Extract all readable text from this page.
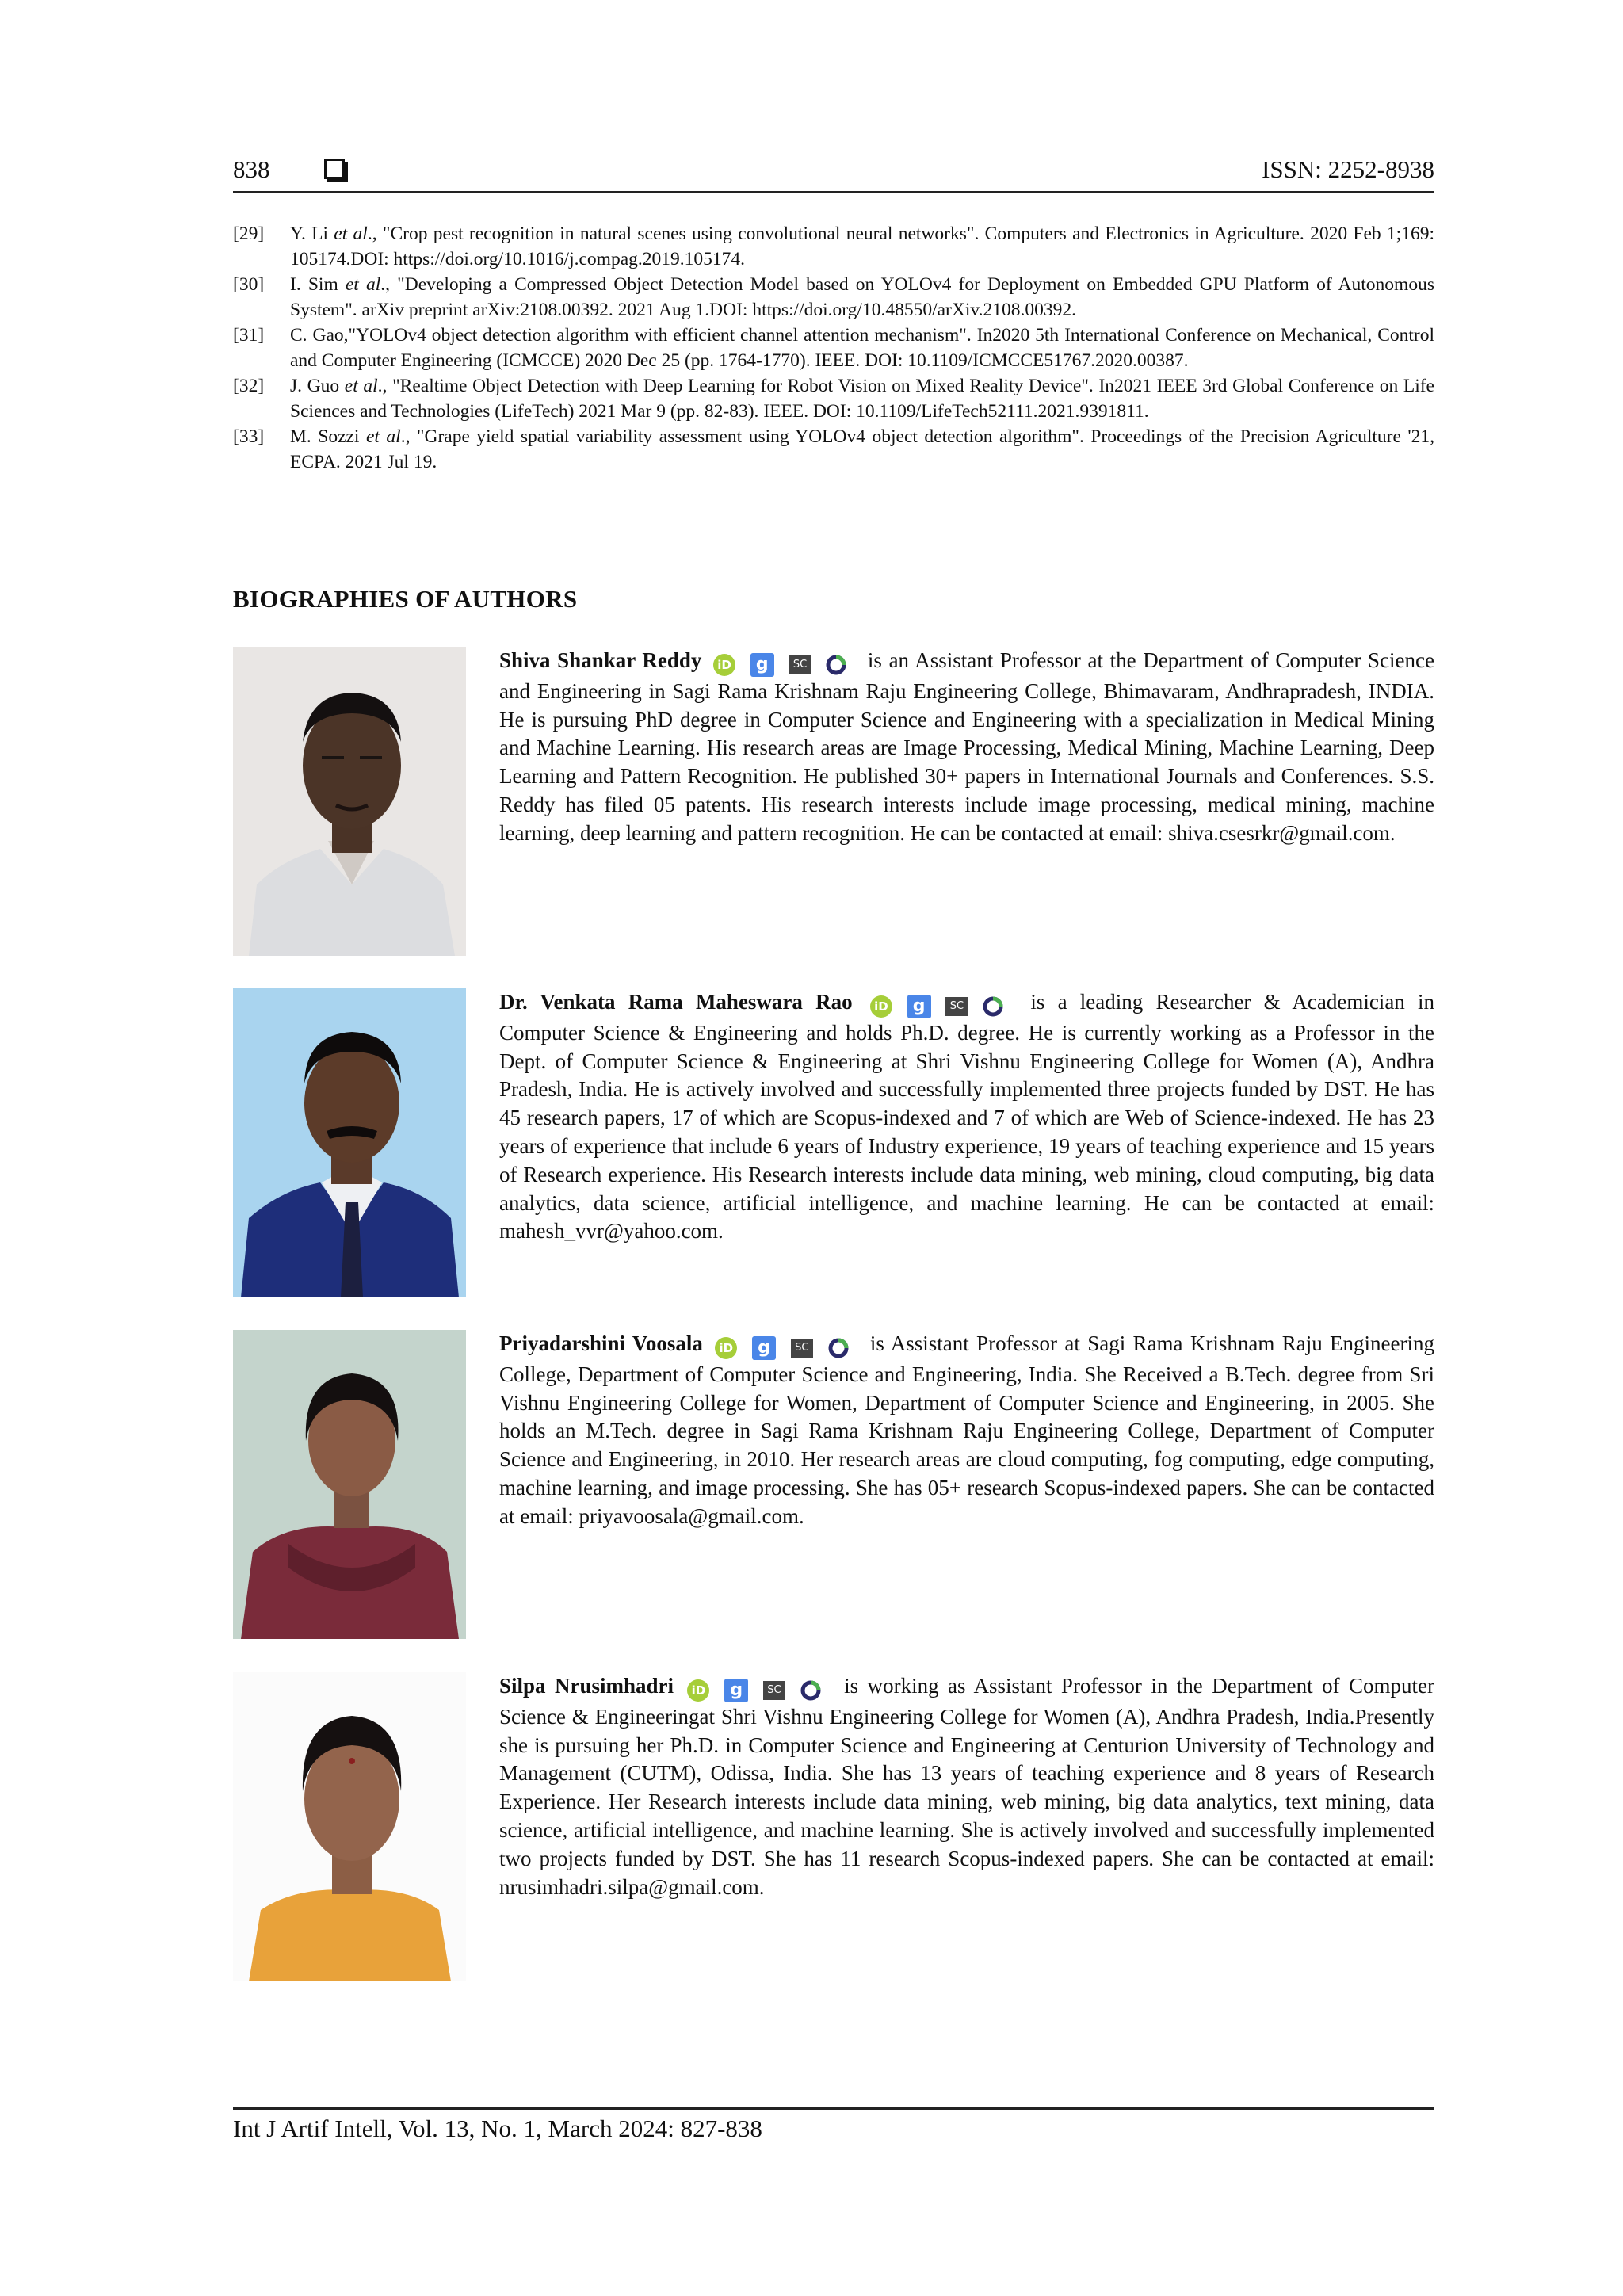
838	ISSN: 2252-8938
[29]	Y. Li et al., "Crop pest recognition in natural scenes using convolutional neural networks". Computers and Electronics in Agriculture. 2020 Feb 1;169: 105174.DOI: https://doi.org/10.1016/j.compag.2019.105174.
[30]	I. Sim et al., "Developing a Compressed Object Detection Model based on YOLOv4 for Deployment on Embedded GPU Platform of Autonomous System". arXiv preprint arXiv:2108.00392. 2021 Aug 1.DOI: https://doi.org/10.48550/arXiv.2108.00392.
[31]	C. Gao,"YOLOv4 object detection algorithm with efficient channel attention mechanism". In2020 5th International Conference on Mechanical, Control and Computer Engineering (ICMCCE) 2020 Dec 25 (pp. 1764-1770). IEEE. DOI: 10.1109/ICMCCE51767.2020.00387.
[32]	J. Guo et al., "Realtime Object Detection with Deep Learning for Robot Vision on Mixed Reality Device". In2021 IEEE 3rd Global Conference on Life Sciences and Technologies (LifeTech) 2021 Mar 9 (pp. 82-83). IEEE. DOI: 10.1109/LifeTech52111.2021.9391811.
[33]	M. Sozzi et al., "Grape yield spatial variability assessment using YOLOv4 object detection algorithm". Proceedings of the Precision Agriculture '21, ECPA. 2021 Jul 19.
BIOGRAPHIES OF AUTHORS
Shiva Shankar Reddy iD g SC	is an Assistant Professor at the Department of Computer Science and Engineering in Sagi Rama Krishnam Raju Engineering College, Bhimavaram, Andhrapradesh, INDIA. He is pursuing PhD degree in Computer Science and Engineering with a specialization in Medical Mining and Machine Learning. His research areas are Image Processing, Medical Mining, Machine Learning, Deep Learning and Pattern Recognition. He published 30+ papers in International Journals and Conferences. S.S. Reddy has filed 05 patents. His research interests include image processing, medical mining, machine learning, deep learning and pattern recognition. He can be contacted at email: shiva.csesrkr@gmail.com.
Dr. Venkata Rama Maheswara Rao iD g SC	is a leading Researcher & Academician in Computer Science & Engineering and holds Ph.D. degree. He is currently working as a Professor in the Dept. of Computer Science & Engineering at Shri Vishnu Engineering College for Women (A), Andhra Pradesh, India. He is actively involved and successfully implemented three projects funded by DST. He has 45 research papers, 17 of which are Scopus-indexed and 7 of which are Web of Science-indexed. He has 23 years of experience that include 6 years of Industry experience, 19 years of teaching experience and 15 years of Research experience. His Research interests include data mining, web mining, cloud computing, big data analytics, data science, artificial intelligence, and machine learning. He can be contacted at email: mahesh_vvr@yahoo.com.
Priyadarshini Voosala iD g SC	is Assistant Professor at Sagi Rama Krishnam Raju Engineering College, Department of Computer Science and Engineering, India. She Received a B.Tech. degree from Sri Vishnu Engineering College for Women, Department of Computer Science and Engineering, in 2005. She holds an M.Tech. degree in Sagi Rama Krishnam Raju Engineering College, Department of Computer Science and Engineering, in 2010. Her research areas are cloud computing, fog computing, edge computing, machine learning, and image processing. She has 05+ research Scopus-indexed papers. She can be contacted at email: priyavoosala@gmail.com.
Silpa Nrusimhadri iD g SC	is working as Assistant Professor in the Department of Computer Science & Engineeringat Shri Vishnu Engineering College for Women (A), Andhra Pradesh, India.Presently she is pursuing her Ph.D. in Computer Science and Engineering at Centurion University of Technology and Management (CUTM), Odissa, India. She has 13 years of teaching experience and 8 years of Research Experience. Her Research interests include data mining, web mining, big data analytics, text mining, data science, artificial intelligence, and machine learning. She is actively involved and successfully implemented two projects funded by DST. She has 11 research Scopus-indexed papers. She can be contacted at email: nrusimhadri.silpa@gmail.com.
Int J Artif Intell, Vol. 13, No. 1, March 2024: 827-838
